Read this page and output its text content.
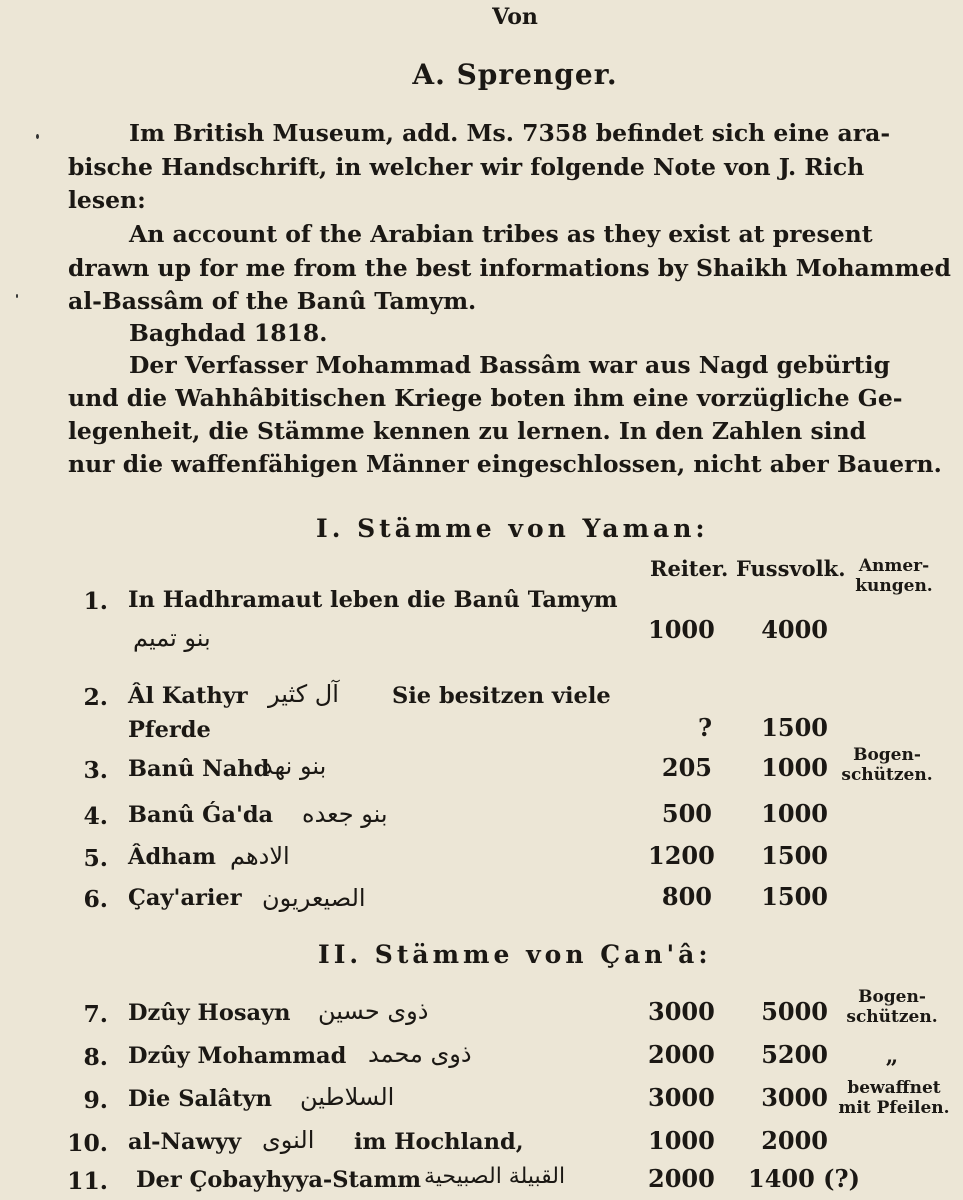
Von
A. Sprenger.
Im British Museum, add. Ms. 7358 befindet sich eine ara-
bische Handschrift, in welcher wir folgende Note von J. Rich
lesen:
An account of the Arabian tribes as they exist at present
drawn up for me from the best informations by Shaikh Mohammed
al-Bassâm of the Banû Tamym.
Baghdad 1818.
Der Verfasser Mohammad Bassâm war aus Nagd gebürtig
und die Wahhâbitischen Kriege boten ihm eine vorzügliche Ge-
legenheit, die Stämme kennen zu lernen. In den Zahlen sind
nur die waffenfähigen Männer eingeschlossen, nicht aber Bauern.
I. Stämme von Yaman:
Reiter. Fussvolk. Anmer-
kungen.
1. In Hadhramaut leben die Banû Tamym
بنو تميم	1000	4000
2. Âl Kathyr آل كثير Sie besitzen viele
Pferde	?	1500
3. Banû Nahd
بنو نهد	205	1000	Bogen-
schützen.
4. Banû Ǵa'da بنو جعده	500	1000
5. Âdham الادهم	1200	1500
6. Çay'arier الصيعريون	800	1500
II. Stämme von Çan'â:
7. Dzûy Hosayn ذوى حسين	3000	5000	Bogen-
schützen.
8. Dzûy Mohammad ذوى محمد	2000	5200	„
9. Die Salâtyn السلاطين	3000	3000	bewaffnet
mit Pfeilen.
10. al-Nawyy النوى im Hochland,	1000	2000
11. Der Çobayhyya-Stamm القبيلة الصبيحية	2000 1400 (?)
